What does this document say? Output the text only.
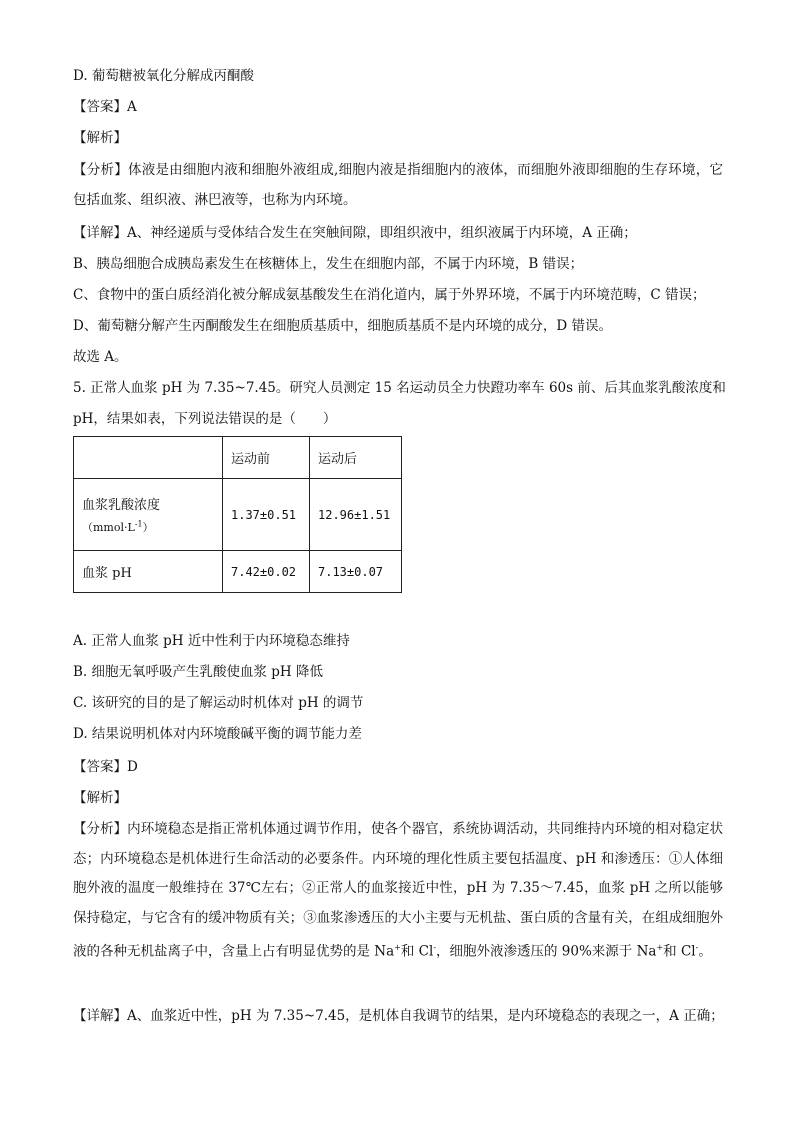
D. 葡萄糖被氧化分解成丙酮酸
【答案】A
【解析】
【分析】体液是由细胞内液和细胞外液组成,细胞内液是指细胞内的液体，而细胞外液即细胞的生存环境，它包括血浆、组织液、淋巴液等，也称为内环境。
【详解】A、神经递质与受体结合发生在突触间隙，即组织液中，组织液属于内环境，A 正确；
B、胰岛细胞合成胰岛素发生在核糖体上，发生在细胞内部，不属于内环境，B 错误；
C、食物中的蛋白质经消化被分解成氨基酸发生在消化道内，属于外界环境，不属于内环境范畴，C 错误；
D、葡萄糖分解产生丙酮酸发生在细胞质基质中，细胞质基质不是内环境的成分，D 错误。
故选 A。
5. 正常人血浆 pH 为 7.35~7.45。研究人员测定 15 名运动员全力快蹬功率车 60s 前、后其血浆乳酸浓度和
pH，结果如表，下列说法错误的是（　　）
	运动前	运动后

血浆乳酸浓度
$(mmol\cdot L^{-1})$	1.37±0.51	12.96±1.51
血浆 pH	7.42±0.02	7.13±0.07
A. 正常人血浆 pH 近中性利于内环境稳态维持
B. 细胞无氧呼吸产生乳酸使血浆 pH 降低
C. 该研究的目的是了解运动时机体对 pH 的调节
D. 结果说明机体对内环境酸碱平衡的调节能力差
【答案】D
【解析】
【分析】内环境稳态是指正常机体通过调节作用，使各个器官，系统协调活动，共同维持内环境的相对稳定状态；内环境稳态是机体进行生命活动的必要条件。内环境的理化性质主要包括温度、pH 和渗透压：①人体细胞外液的温度一般维持在 37℃左右；②正常人的血浆接近中性，pH 为 7.35～7.45，血浆 pH 之所以能够保持稳定，与它含有的缓冲物质有关；③血浆渗透压的大小主要与无机盐、蛋白质的含量有关，在组成细胞外液的各种无机盐离子中，含量上占有明显优势的是 Na+和 Cl-，细胞外液渗透压的 90%来源于 Na+和 Cl-。
【详解】A、血浆近中性，pH 为 7.35~7.45，是机体自我调节的结果，是内环境稳态的表现之一，A 正确；
